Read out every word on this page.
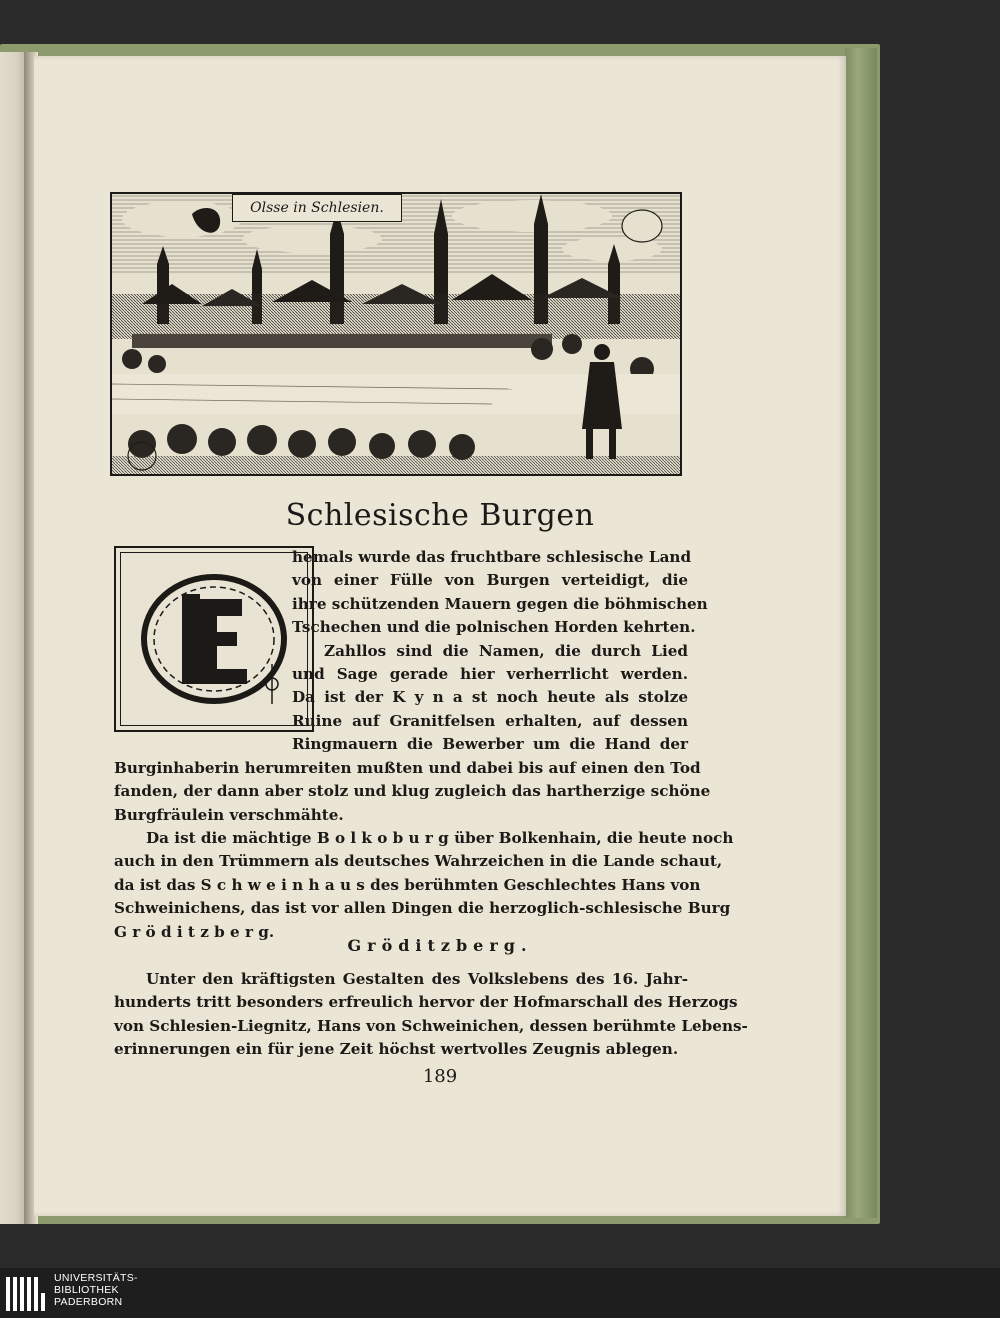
Olsse in Schlesien.
Schlesische Burgen
hemals wurde das fruchtbare schlesische Land
von einer Fülle von Burgen verteidigt, die
ihre schützenden Mauern gegen die böhmischen
Tschechen und die polnischen Horden kehrten.
Zahllos sind die Namen, die durch Lied
und Sage gerade hier verherrlicht werden.
Da ist der K y n a st noch heute als stolze
Ruine auf Granitfelsen erhalten, auf dessen
Ringmauern die Bewerber um die Hand der
Burginhaberin herumreiten mußten und dabei bis auf einen den Tod
fanden, der dann aber stolz und klug zugleich das hartherzige schöne
Burgfräulein verschmähte.
Da ist die mächtige B o l k o b u r g über Bolkenhain, die heute noch
auch in den Trümmern als deutsches Wahrzeichen in die Lande schaut,
da ist das S c h w e i n h a u s des berühmten Geschlechtes Hans von
Schweinichens, das ist vor allen Dingen die herzoglich-schlesische Burg
G r ö d i t z b e r g.
Gröditzberg.
Unter den kräftigsten Gestalten des Volkslebens des 16. Jahr-
hunderts tritt besonders erfreulich hervor der Hofmarschall des Herzogs
von Schlesien-Liegnitz, Hans von Schweinichen, dessen berühmte Lebens-
erinnerungen ein für jene Zeit höchst wertvolles Zeugnis ablegen.
189
UNIVERSITÄTS-
BIBLIOTHEK
PADERBORN
